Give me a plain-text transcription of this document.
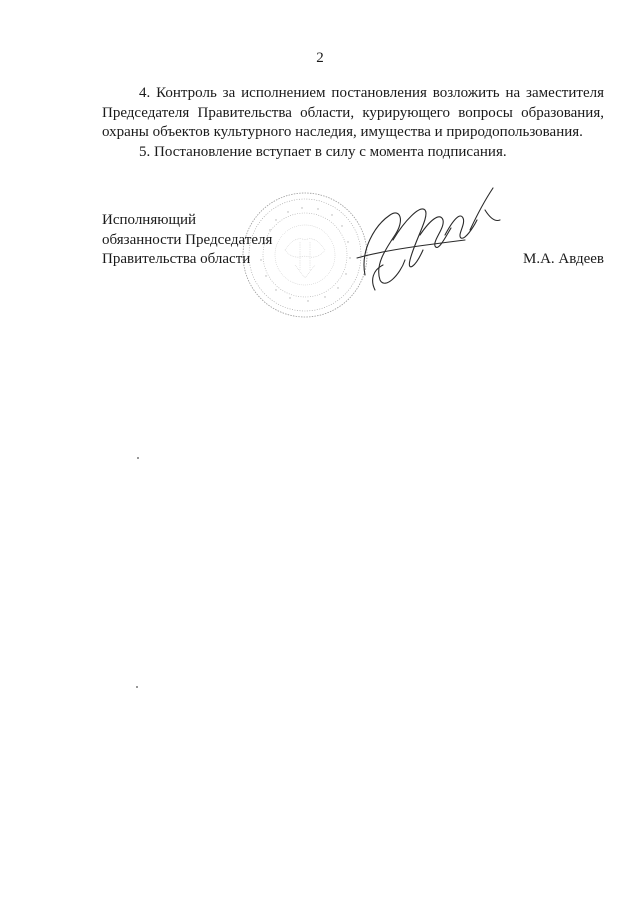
2

4. Контроль за исполнением постановления возложить на заместителя Председателя Правительства области, курирующего вопросы образования, охраны объектов культурного наследия, имущества и природопользования.

5. Постановление вступает в силу с момента подписания.

Исполняющий
обязанности Председателя
Правительства области	М.А. Авдеев
